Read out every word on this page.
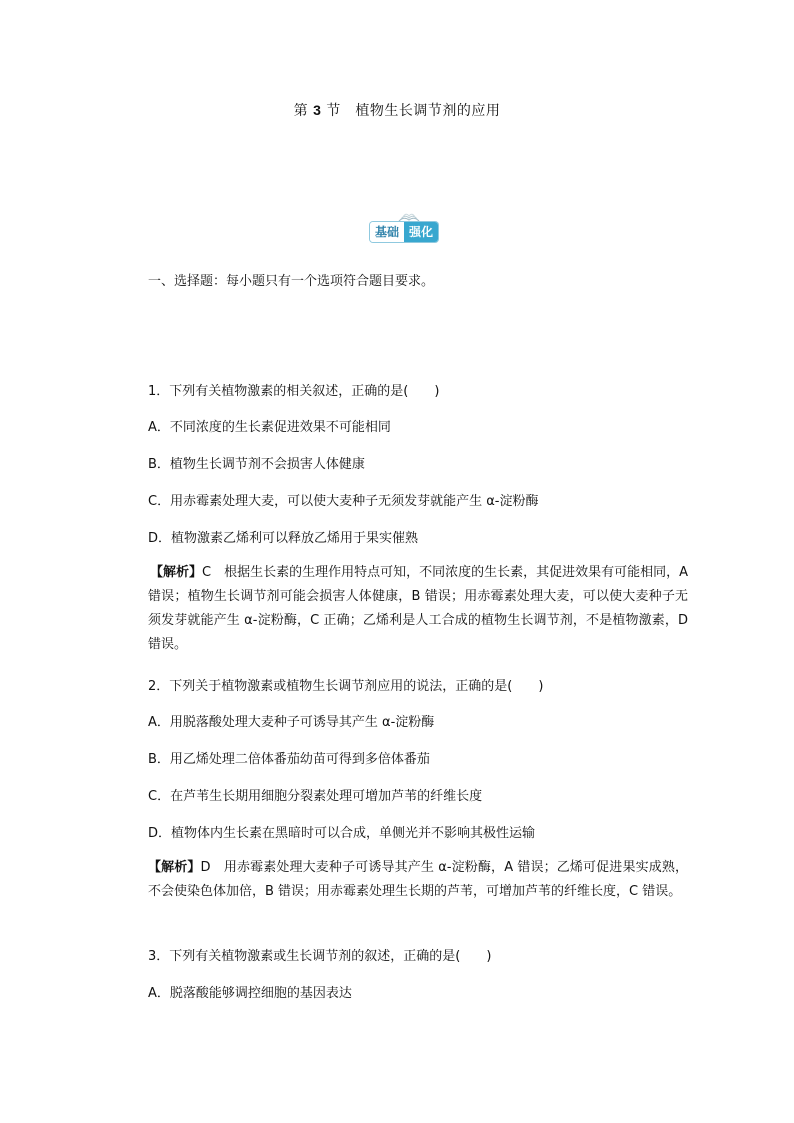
第 3 节　植物生长调节剂的应用
基础 强化
一、选择题：每小题只有一个选项符合题目要求。
1．下列有关植物激素的相关叙述，正确的是(　　)
A．不同浓度的生长素促进效果不可能相同
B．植物生长调节剂不会损害人体健康
C．用赤霉素处理大麦，可以使大麦种子无须发芽就能产生 α-淀粉酶
D．植物激素乙烯利可以释放乙烯用于果实催熟
【解析】C　根据生长素的生理作用特点可知，不同浓度的生长素，其促进效果有可能相同，A 错误；植物生长调节剂可能会损害人体健康，B 错误；用赤霉素处理大麦，可以使大麦种子无须发芽就能产生 α-淀粉酶，C 正确；乙烯利是人工合成的植物生长调节剂，不是植物激素，D 错误。
2．下列关于植物激素或植物生长调节剂应用的说法，正确的是(　　)
A．用脱落酸处理大麦种子可诱导其产生 α-淀粉酶
B．用乙烯处理二倍体番茄幼苗可得到多倍体番茄
C．在芦苇生长期用细胞分裂素处理可增加芦苇的纤维长度
D．植物体内生长素在黑暗时可以合成，单侧光并不影响其极性运输
【解析】D　用赤霉素处理大麦种子可诱导其产生 α-淀粉酶，A 错误；乙烯可促进果实成熟，不会使染色体加倍，B 错误；用赤霉素处理生长期的芦苇，可增加芦苇的纤维长度，C 错误。
3．下列有关植物激素或生长调节剂的叙述，正确的是(　　)
A．脱落酸能够调控细胞的基因表达
